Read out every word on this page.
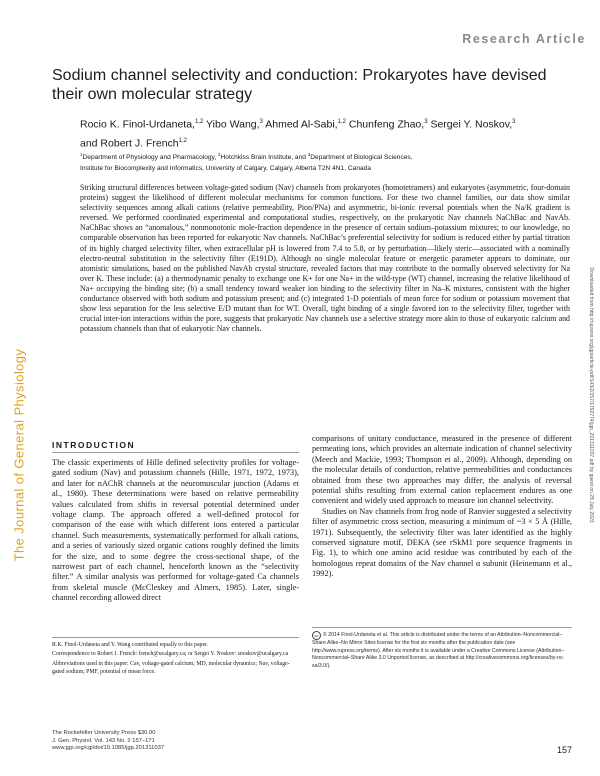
Research Article
The Journal of General Physiology	Downloaded from http://rupress.org/jgp/article-pdf/143/2/157/1792774/jgp_201311037.pdf by guest on 28 July 2023
Sodium channel selectivity and conduction: Prokaryotes have devised their own molecular strategy
Rocio K. Finol-Urdaneta,$^{1,2}$ Yibo Wang,$^3$ Ahmed Al-Sabi,$^{1,2}$ Chunfeng Zhao,$^3$ Sergei Y. Noskov,$^3$
and Robert J. French$^{1,2}$
$^1$Department of Physiology and Pharmacology, $^2$Hotchkiss Brain Institute, and $^3$Department of Biological Sciences,
Institute for Biocomplexity and Informatics, University of Calgary, Calgary, Alberta T2N 4N1, Canada
Striking structural differences between voltage-gated sodium (Nav) channels from prokaryotes (homotetramers) and eukaryotes (asymmetric, four-domain proteins) suggest the likelihood of different molecular mechanisms for common functions. For these two channel families, our data show similar selectivity sequences among alkali cations (relative permeability, Pion/PNa) and asymmetric, bi-ionic reversal potentials when the Na/K gradient is reversed. We performed coordinated experimental and computational studies, respectively, on the prokaryotic Nav channels NaChBac and NavAb. NaChBac shows an “anomalous,” nonmonotonic mole-fraction dependence in the presence of certain sodium–potassium mixtures; to our knowledge, no comparable observation has been reported for eukaryotic Nav channels. NaChBac’s preferential selectivity for sodium is reduced either by partial titration of its highly charged selectivity filter, when extracellular pH is lowered from 7.4 to 5.8, or by perturbation—likely steric—associated with a nominally electro-neutral substitution in the selectivity filter (E191D). Although no single molecular feature or energetic parameter appears to dominate, our atomistic simulations, based on the published NavAb crystal structure, revealed factors that may contribute to the normally observed selectivity for Na over K. These include: (a) a thermodynamic penalty to exchange one K+ for one Na+ in the wild-type (WT) channel, increasing the relative likelihood of Na+ occupying the binding site; (b) a small tendency toward weaker ion binding to the selectivity filter in Na–K mixtures, consistent with the higher conductance observed with both sodium and potassium present; and (c) integrated 1-D potentials of mean force for sodium or potassium movement that show less separation for the less selective E/D mutant than for WT. Overall, tight binding of a single favored ion to the selectivity filter, together with crucial inter-ion interactions within the pore, suggests that prokaryotic Nav channels use a selective strategy more akin to those of eukaryotic calcium and potassium channels than that of eukaryotic Nav channels.
INTRODUCTION

The classic experiments of Hille defined selectivity profiles for voltage-gated sodium (Nav) and potassium channels (Hille, 1971, 1972, 1973), and later for nAChR channels at the neuromuscular junction (Adams et al., 1980). These determinations were based on relative permeability values calculated from shifts in reversal potential determined under voltage clamp. The approach offered a well-defined protocol for comparison of the ease with which different ions entered a particular channel. Such measurements, systematically performed for alkali cations, and a series of variously sized organic cations roughly defined the limits for the size, and to some degree the cross-sectional shape, of the narrowest part of each channel, henceforth known as the “selectivity filter.” A similar analysis was performed for voltage-gated Ca channels from skeletal muscle (McCleskey and Almers, 1985). Later, single-channel recording allowed direct

comparisons of unitary conductance, measured in the presence of different permeating ions, which provides an alternate indication of channel selectivity (Meech and Mackie, 1993; Thompson et al., 2009). Although, depending on the molecular details of conduction, relative permeabilities and conductances obtained from these two approaches may differ, the analysis of reversal potential shifts resulting from external cation replacement endures as one convenient and widely used approach to measure ion channel selectivity.

Studies on Nav channels from frog node of Ranvier suggested a selectivity filter of asymmetric cross section, measuring a minimum of ~3 × 5 Å (Hille, 1971). Subsequently, the selectivity filter was later identified as the highly conserved signature motif, DEKA (see rSkM1 pore sequence fragments in Fig. 1), to which one amino acid residue was contributed by each of the homologous repeat domains of the Nav channel α subunit (Heinemann et al., 1992).

R.K. Finol-Urdaneta and Y. Wang contributed equally to this paper.

Correspondence to Robert J. French: french@ucalgary.ca; or Sergei Y. Noskov: snoskov@ucalgary.ca

Abbreviations used in this paper: Cav, voltage-gated calcium; MD, molecular dynamics; Nav, voltage-gated sodium; PMF, potential of mean force.

cc © 2014 Finol-Urdaneta et al. This article is distributed under the terms of an Attribution–Noncommercial–Share Alike–No Mirror Sites license for the first six months after the publication date (see http://www.rupress.org/terms). After six months it is available under a Creative Commons License (Attribution–Noncommercial–Share Alike 3.0 Unported license, as described at http://creativecommons.org/licenses/by-nc-sa/3.0/).
The Rockefeller University Press $30.00
J. Gen. Physiol. Vol. 143 No. 2 157–171
www.jgp.org/cgi/doi/10.1085/jgp.201311037	157
